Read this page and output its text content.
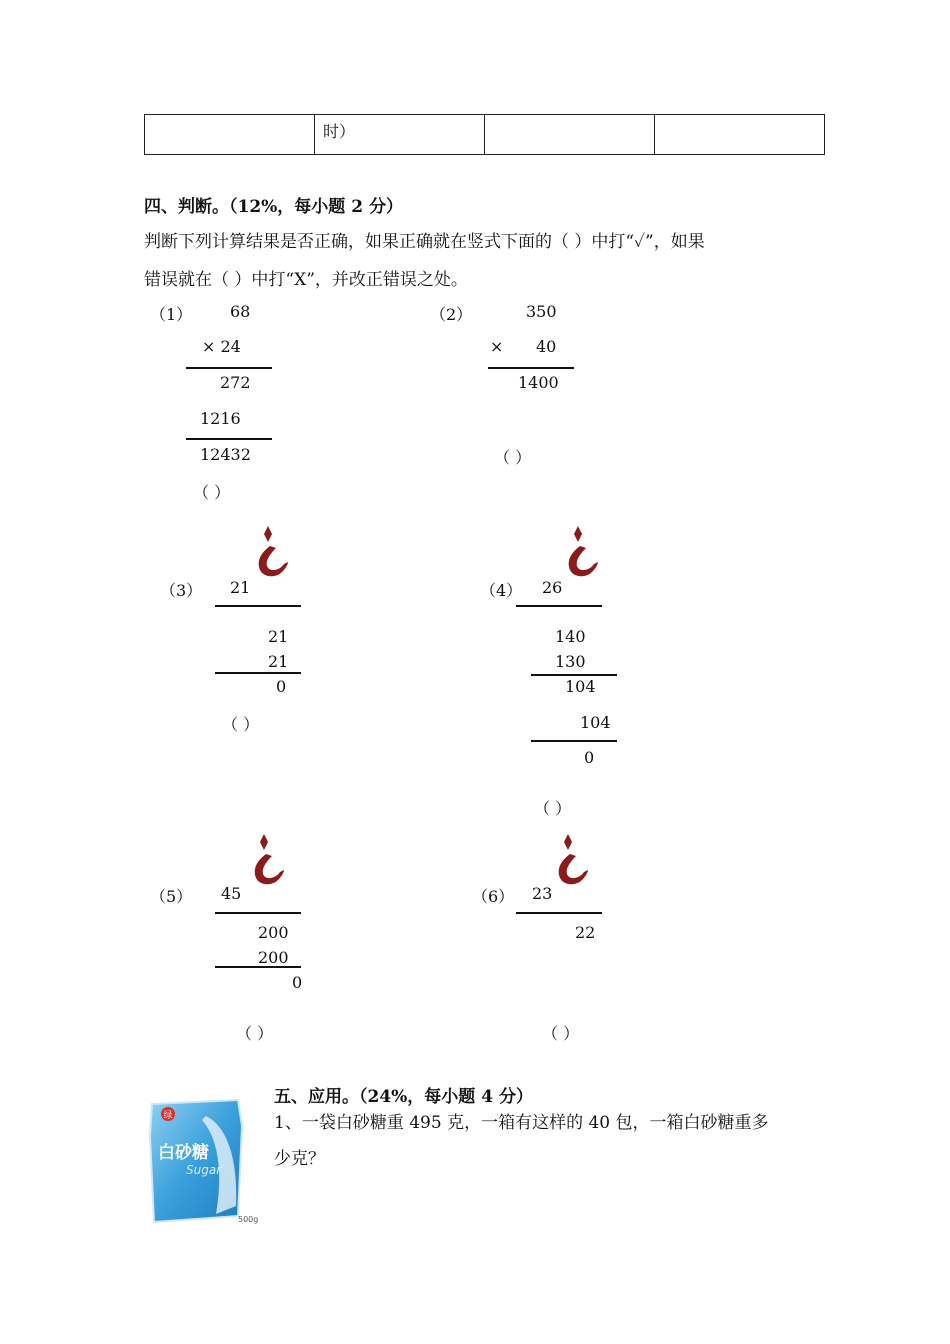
	时）		
四、判断。（12%，每小题 2 分）
判断下列计算结果是否正确，如果正确就在竖式下面的（ ）中打“✓”，如果
错误就在（ ）中打“X”，并改正错误之处。
（1） 68
× 24
272
1216
12432
（ ）
（2）	350
× 40
1400
（ ）
（3） 21
21
21
0
（ ）
（4） 26
140
130
104
104
0
（ ）
（5） 45
200
200
0
（ ）
（6） 23
22
（ ）
五、应用。（24%，每小题 4 分）
1、一袋白砂糖重 495 克，一箱有这样的 40 包，一箱白砂糖重多
少克？
绿
白砂糖
Sugar
500g
